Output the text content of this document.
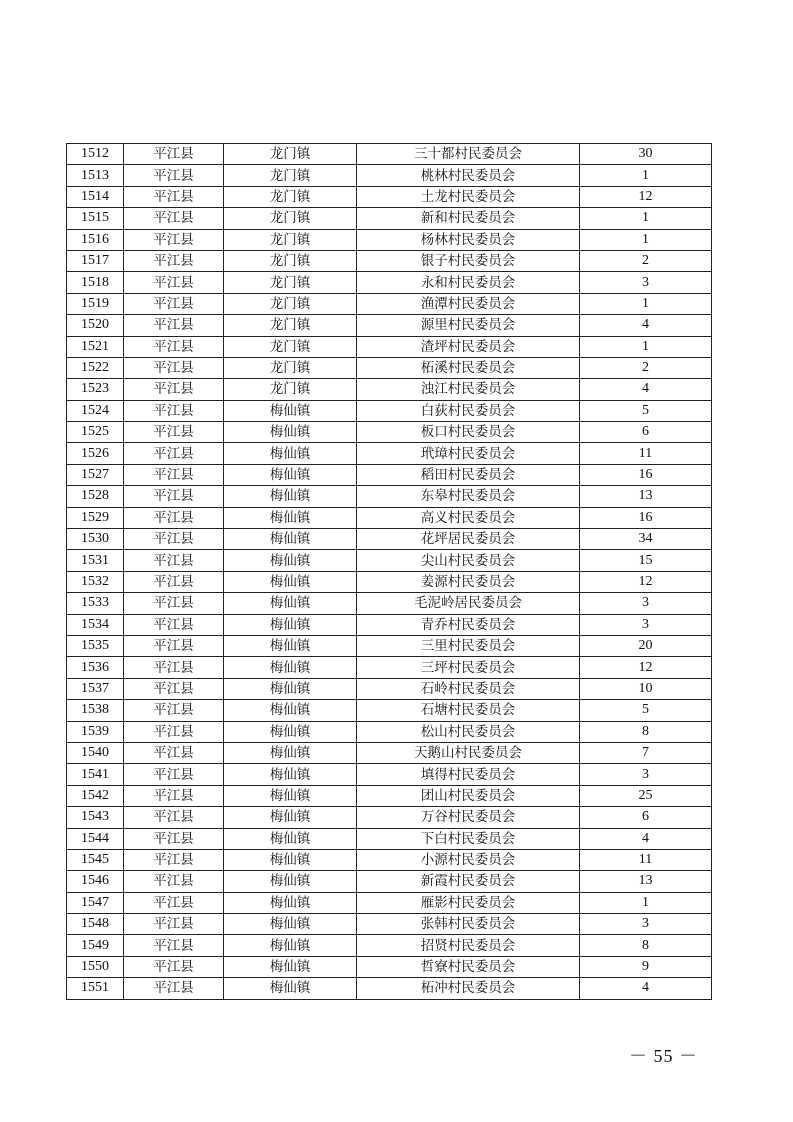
1512	平江县	龙门镇	三十都村民委员会	30
1513	平江县	龙门镇	桃林村民委员会	1
1514	平江县	龙门镇	土龙村民委员会	12
1515	平江县	龙门镇	新和村民委员会	1
1516	平江县	龙门镇	杨林村民委员会	1
1517	平江县	龙门镇	银子村民委员会	2
1518	平江县	龙门镇	永和村民委员会	3
1519	平江县	龙门镇	渔潭村民委员会	1
1520	平江县	龙门镇	源里村民委员会	4
1521	平江县	龙门镇	渣坪村民委员会	1
1522	平江县	龙门镇	柘溪村民委员会	2
1523	平江县	龙门镇	浊江村民委员会	4
1524	平江县	梅仙镇	白荻村民委员会	5
1525	平江县	梅仙镇	板口村民委员会	6
1526	平江县	梅仙镇	玳璋村民委员会	11
1527	平江县	梅仙镇	稻田村民委员会	16
1528	平江县	梅仙镇	东皋村民委员会	13
1529	平江县	梅仙镇	高义村民委员会	16
1530	平江县	梅仙镇	花坪居民委员会	34
1531	平江县	梅仙镇	尖山村民委员会	15
1532	平江县	梅仙镇	姜源村民委员会	12
1533	平江县	梅仙镇	毛泥岭居民委员会	3
1534	平江县	梅仙镇	青乔村民委员会	3
1535	平江县	梅仙镇	三里村民委员会	20
1536	平江县	梅仙镇	三坪村民委员会	12
1537	平江县	梅仙镇	石岭村民委员会	10
1538	平江县	梅仙镇	石塘村民委员会	5
1539	平江县	梅仙镇	松山村民委员会	8
1540	平江县	梅仙镇	天鹅山村民委员会	7
1541	平江县	梅仙镇	填得村民委员会	3
1542	平江县	梅仙镇	团山村民委员会	25
1543	平江县	梅仙镇	万谷村民委员会	6
1544	平江县	梅仙镇	下白村民委员会	4
1545	平江县	梅仙镇	小源村民委员会	11
1546	平江县	梅仙镇	新霞村民委员会	13
1547	平江县	梅仙镇	雁影村民委员会	1
1548	平江县	梅仙镇	张韩村民委员会	3
1549	平江县	梅仙镇	招贤村民委员会	8
1550	平江县	梅仙镇	哲寮村民委员会	9
1551	平江县	梅仙镇	柘冲村民委员会	4
－ 55 －
